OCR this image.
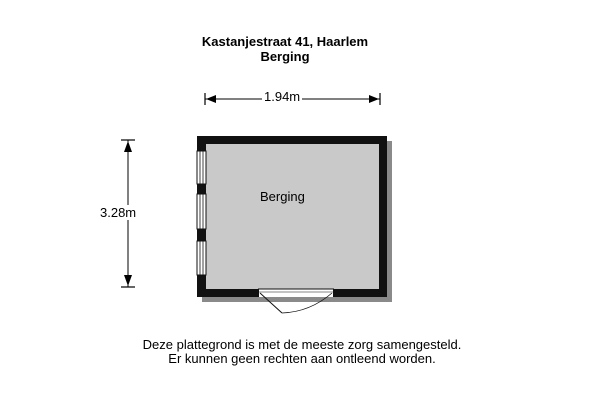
Kastanjestraat 41, Haarlem
Berging
1.94m
3.28m
Berging
Deze plattegrond is met de meeste zorg samengesteld.
Er kunnen geen rechten aan ontleend worden.
